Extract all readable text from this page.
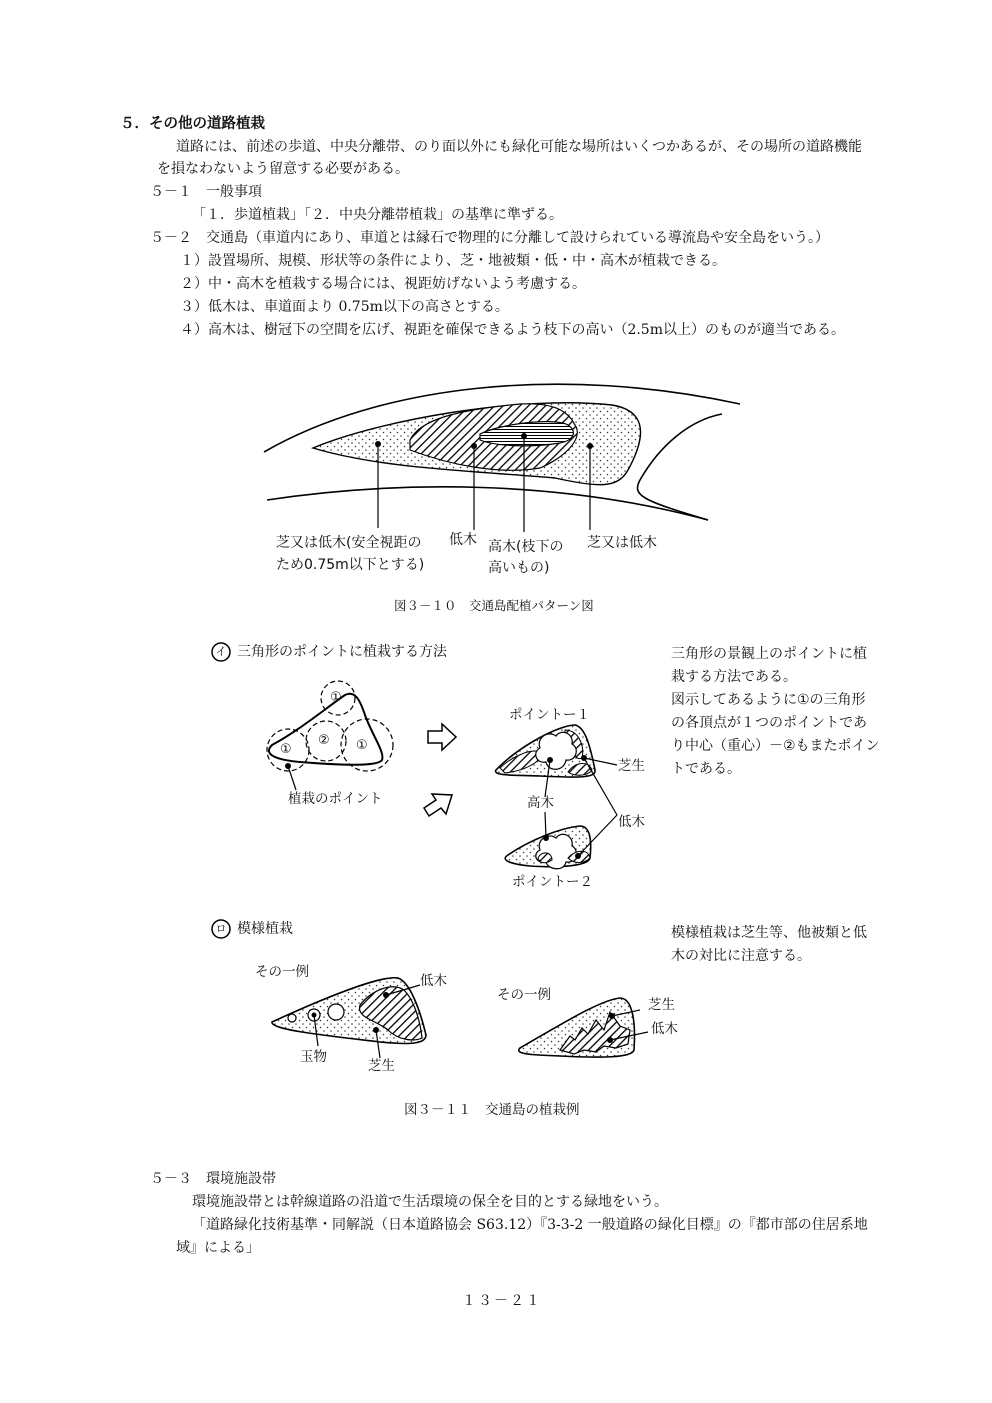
５．その他の道路植栽
道路には、前述の歩道、中央分離帯、のり面以外にも緑化可能な場所はいくつかあるが、その場所の道路機能
を損なわないよう留意する必要がある。
５－１　一般事項
「１．歩道植栽」「２．中央分離帯植栽」の基準に準ずる。
５－２　交通島（車道内にあり、車道とは縁石で物理的に分離して設けられている導流島や安全島をいう。）
１）設置場所、規模、形状等の条件により、芝・地被類・低・中・高木が植栽できる。
２）中・高木を植栽する場合には、視距妨げないよう考慮する。
３）低木は、車道面より 0.75m以下の高さとする。
４）高木は、樹冠下の空間を広げ、視距を確保できるよう枝下の高い（2.5m以上）のものが適当である。
芝又は低木(安全視距の
ため0.75m以下とする)
低木 高木(枝下の
高いもの)
芝又は低木
図３－１０　交通島配植パターン図
イ 三角形のポイントに植栽する方法
①
②
①	①
植栽のポイント
ポイントー１
芝生
高木
低木
ポイントー２
三角形の景観上のポイントに植
栽する方法である。
図示してあるように①の三角形
の各頂点が１つのポイントであ
り中心（重心）－②もまたポイン
トである。
ロ 模様植栽	模様植栽は芝生等、他被類と低
木の対比に注意する。
その一例
低木
玉物
芝生
その一例
芝生
低木
図３－１１　交通島の植栽例
５－３　環境施設帯
環境施設帯とは幹線道路の沿道で生活環境の保全を目的とする緑地をいう。
「道路緑化技術基準・同解説（日本道路協会 S63.12）『3-3-2 一般道路の緑化目標』の『都市部の住居系地
域』による」
１３－２１
